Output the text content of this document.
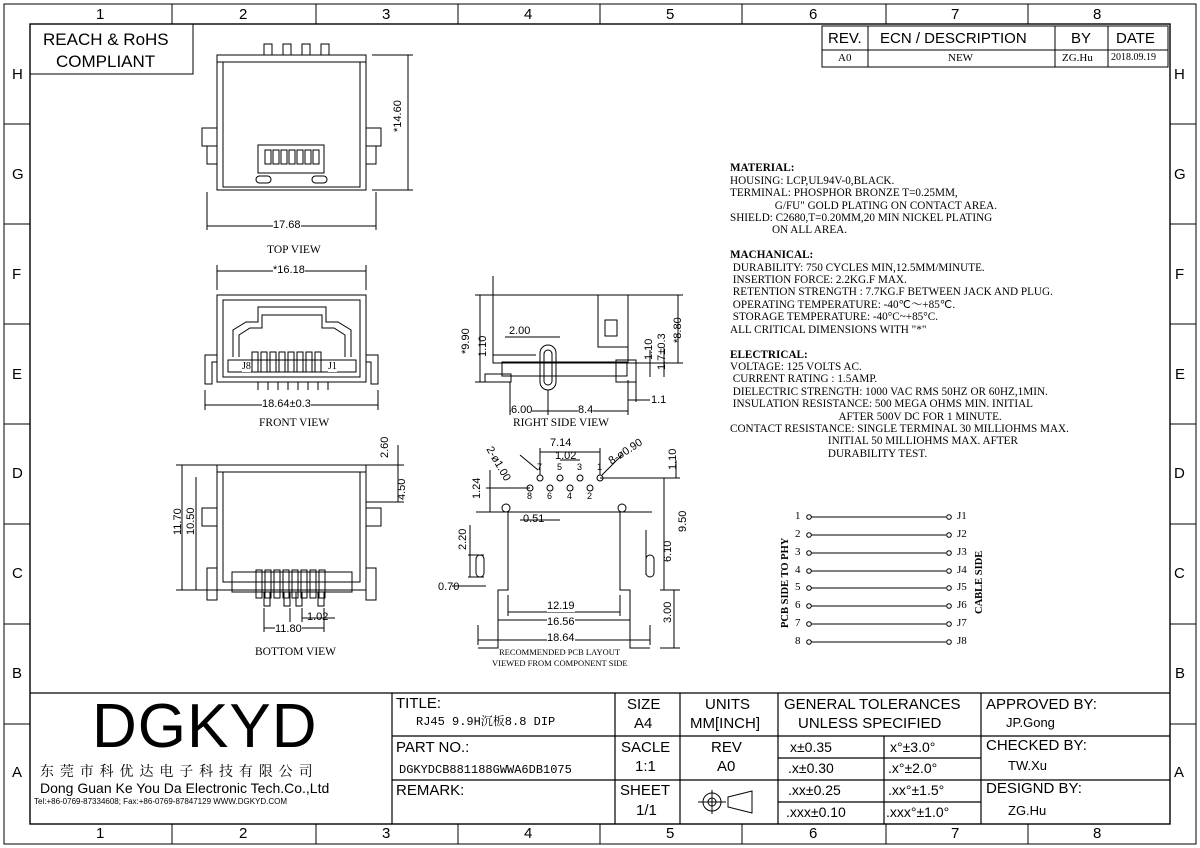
1	2	3	4	5	6	7	8
1	2	3	4	5	6	7	8
H
G
F
E
D
C
B
A
H
G
F
E
D
C
B
A
REACH & RoHS
COMPLIANT
REV. ECN / DESCRIPTION	BY DATE
A0	NEW	ZG.Hu 2018.09.19
TOP VIEW
FRONT VIEW	RIGHT SIDE VIEW
BOTTOM VIEW	RECOMMENDED PCB LAYOUT
VIEWED FROM COMPONENT SIDE
*14.60
17.68
*16.18
18.64±0.3
J8	J1
*9.90 1.10
2.00	*8.80
1.7±0.3
1.10
6.00	8.4
1.1
2.60
4.50
11.70 10.50
11.80
1.02
7.14
1.02	8-ø0.90
2-ø1.00	1.10
1.24
0.51	9.50
2.20
6.10
0.70
3.00
12.19
16.56
18.64
7 5 3 1
8 6 4 2

MATERIAL:
HOUSING: LCP,UL94V-0,BLACK.
TERMINAL: PHOSPHOR BRONZE T=0.25MM,
G/FU" GOLD PLATING ON CONTACT AREA.
SHIELD: C2680,T=0.20MM,20 MIN NICKEL PLATING
ON ALL AREA.

MACHANICAL:
DURABILITY: 750 CYCLES MIN,12.5MM/MINUTE.
INSERTION FORCE: 2.2KG.F MAX.
RETENTION STRENGTH : 7.7KG.F BETWEEN JACK AND PLUG.
OPERATING TEMPERATURE: -40℃～+85℃.
STORAGE TEMPERATURE: -40°C~+85°C.
ALL CRITICAL DIMENSIONS WITH "*"

ELECTRICAL:
VOLTAGE: 125 VOLTS AC.
CURRENT RATING : 1.5AMP.
DIELECTRIC STRENGTH: 1000 VAC RMS 50HZ OR 60HZ,1MIN.
INSULATION RESISTANCE: 500 MEGA OHMS MIN. INITIAL
AFTER 500V DC FOR 1 MINUTE.
CONTACT RESISTANCE: SINGLE TERMINAL 30 MILLIOHMS MAX.
INITIAL 50 MILLIOHMS MAX. AFTER
DURABILITY TEST.

1
2
3
4
5
6
7
8
J1
J2
J3
J4
J5
J6
J7
J8
PCB SIDE TO PHY	CABLE SIDE
DGKYD
东 莞 市 科 优 达 电 子 科 技 有 限 公 司
Dong Guan Ke You Da Electronic Tech.Co.,Ltd
Tel:+86-0769-87334608; Fax:+86-0769-87847129 WWW.DGKYD.COM
TITLE:
RJ45 9.9H沉板8.8 DIP
PART NO.:
DGKYDCB881188GWWA6DB1075
REMARK:
SIZE
A4
SACLE
1:1
SHEET
1/1
UNITS
MM[INCH]
REV
A0
GENERAL TOLERANCES
UNLESS SPECIFIED
x±0.35	x°±3.0°
.x±0.30	.x°±2.0°
.xx±0.25	.xx°±1.5°
.xxx±0.10	.xxx°±1.0°
APPROVED BY:
JP.Gong
CHECKED BY:
TW.Xu
DESIGND BY:
ZG.Hu
